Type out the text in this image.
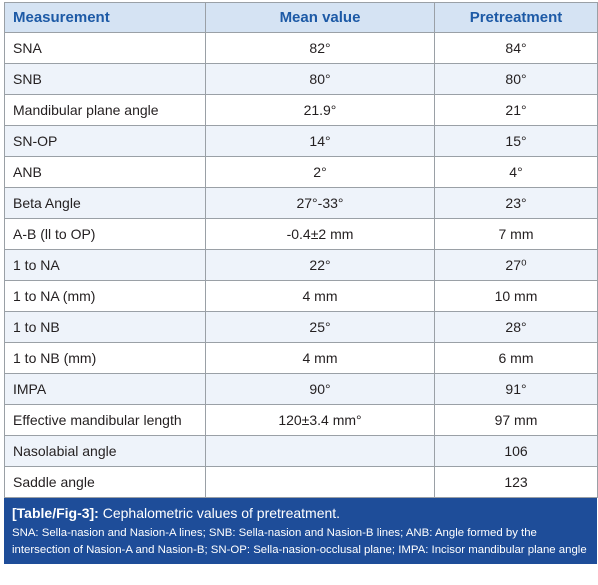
Measurement	Mean value	Pretreatment
SNA	82°	84°
SNB	80°	80°
Mandibular plane angle	21.9°	21°
SN-OP	14°	15°
ANB	2°	4°
Beta Angle	27°-33°	23°
A-B (ll to OP)	-0.4±2 mm	7 mm
1 to NA	22°	27⁰
1 to NA (mm)	4 mm	10 mm
1 to NB	25°	28°
1 to NB (mm)	4 mm	6 mm
IMPA	90°	91°
Effective mandibular length	120±3.4 mm°	97 mm
Nasolabial angle		106
Saddle angle		123
[Table/Fig-3]: Cephalometric values of pretreatment.
SNA: Sella-nasion and Nasion-A lines; SNB: Sella-nasion and Nasion-B lines; ANB: Angle formed by the intersection of Nasion-A and Nasion-B; SN-OP: Sella-nasion-occlusal plane; IMPA: Incisor mandibular plane angle
